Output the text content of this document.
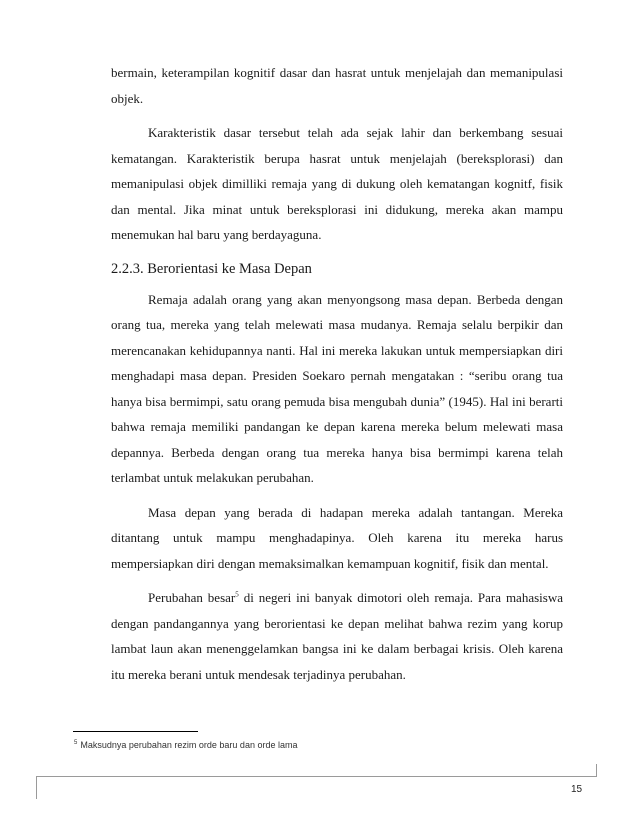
bermain, keterampilan kognitif dasar dan hasrat untuk menjelajah dan memanipulasi objek.

Karakteristik dasar tersebut telah ada sejak lahir dan berkembang sesuai kematangan. Karakteristik berupa hasrat untuk menjelajah (bereksplorasi) dan memanipulasi objek dimilliki remaja yang di dukung oleh kematangan kognitf, fisik dan mental. Jika minat untuk bereksplorasi ini didukung, mereka akan mampu menemukan hal baru yang berdayaguna.

2.2.3. Berorientasi ke Masa Depan

Remaja adalah orang yang akan menyongsong masa depan. Berbeda dengan orang tua, mereka yang telah melewati masa mudanya. Remaja selalu berpikir dan merencanakan kehidupannya nanti. Hal ini mereka lakukan untuk mempersiapkan diri menghadapi masa depan. Presiden Soekaro pernah mengatakan : “seribu orang tua hanya bisa bermimpi, satu orang pemuda bisa mengubah dunia” (1945). Hal ini berarti bahwa remaja memiliki pandangan ke depan karena mereka belum melewati masa depannya. Berbeda dengan orang tua mereka hanya bisa bermimpi karena telah terlambat untuk melakukan perubahan.

Masa depan yang berada di hadapan mereka adalah tantangan. Mereka ditantang untuk mampu menghadapinya. Oleh karena itu mereka harus mempersiapkan diri dengan memaksimalkan kemampuan kognitif, fisik dan mental.

Perubahan besar$^5$ di negeri ini banyak dimotori oleh remaja. Para mahasiswa dengan pandangannya yang berorientasi ke depan melihat bahwa rezim yang korup lambat laun akan menenggelamkan bangsa ini ke dalam berbagai krisis. Oleh karena itu mereka berani untuk mendesak terjadinya perubahan.

$^5$ Maksudnya perubahan rezim orde baru dan orde lama
15
